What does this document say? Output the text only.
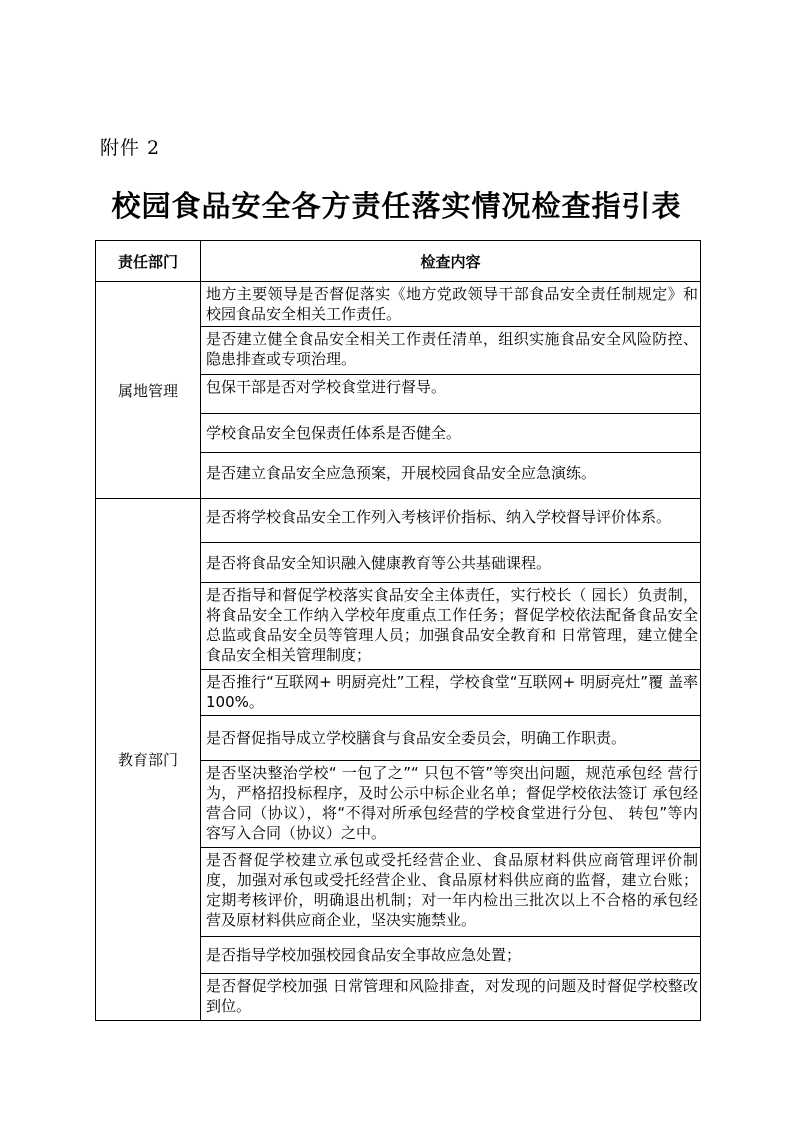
附件 2
校园食品安全各方责任落实情况检查指引表
责任部门	检查内容
属地管理	地方主要领导是否督促落实《地方党政领导干部食品安全责任制规定》和校园食品安全相关工作责任。
	是否建立健全食品安全相关工作责任清单，组织实施食品安全风险防控、隐患排查或专项治理。
	包保干部是否对学校食堂进行督导。
	学校食品安全包保责任体系是否健全。
	是否建立食品安全应急预案，开展校园食品安全应急演练。
教育部门	是否将学校食品安全工作列入考核评价指标、纳入学校督导评价体系。
	是否将食品安全知识融入健康教育等公共基础课程。
	是否指导和督促学校落实食品安全主体责任，实行校长（ 园长）负责制，将食品安全工作纳入学校年度重点工作任务；督促学校依法配备食品安全总监或食品安全员等管理人员；加强食品安全教育和 日常管理，建立健全食品安全相关管理制度；
	是否推行“互联网+ 明厨亮灶”工程，学校食堂“互联网+ 明厨亮灶”覆 盖率 100%。
	是否督促指导成立学校膳食与食品安全委员会，明确工作职责。
	是否坚决整治学校“ 一包了之”“ 只包不管”等突出问题，规范承包经 营行为，严格招投标程序，及时公示中标企业名单；督促学校依法签订 承包经营合同（协议），将“不得对所承包经营的学校食堂进行分包、 转包”等内容写入合同（协议）之中。
	是否督促学校建立承包或受托经营企业、食品原材料供应商管理评价制度，加强对承包或受托经营企业、食品原材料供应商的监督，建立台账；定期考核评价，明确退出机制；对一年内检出三批次以上不合格的承包经营及原材料供应商企业，坚决实施禁业。
	是否指导学校加强校园食品安全事故应急处置；
	是否督促学校加强 日常管理和风险排查，对发现的问题及时督促学校整改到位。
